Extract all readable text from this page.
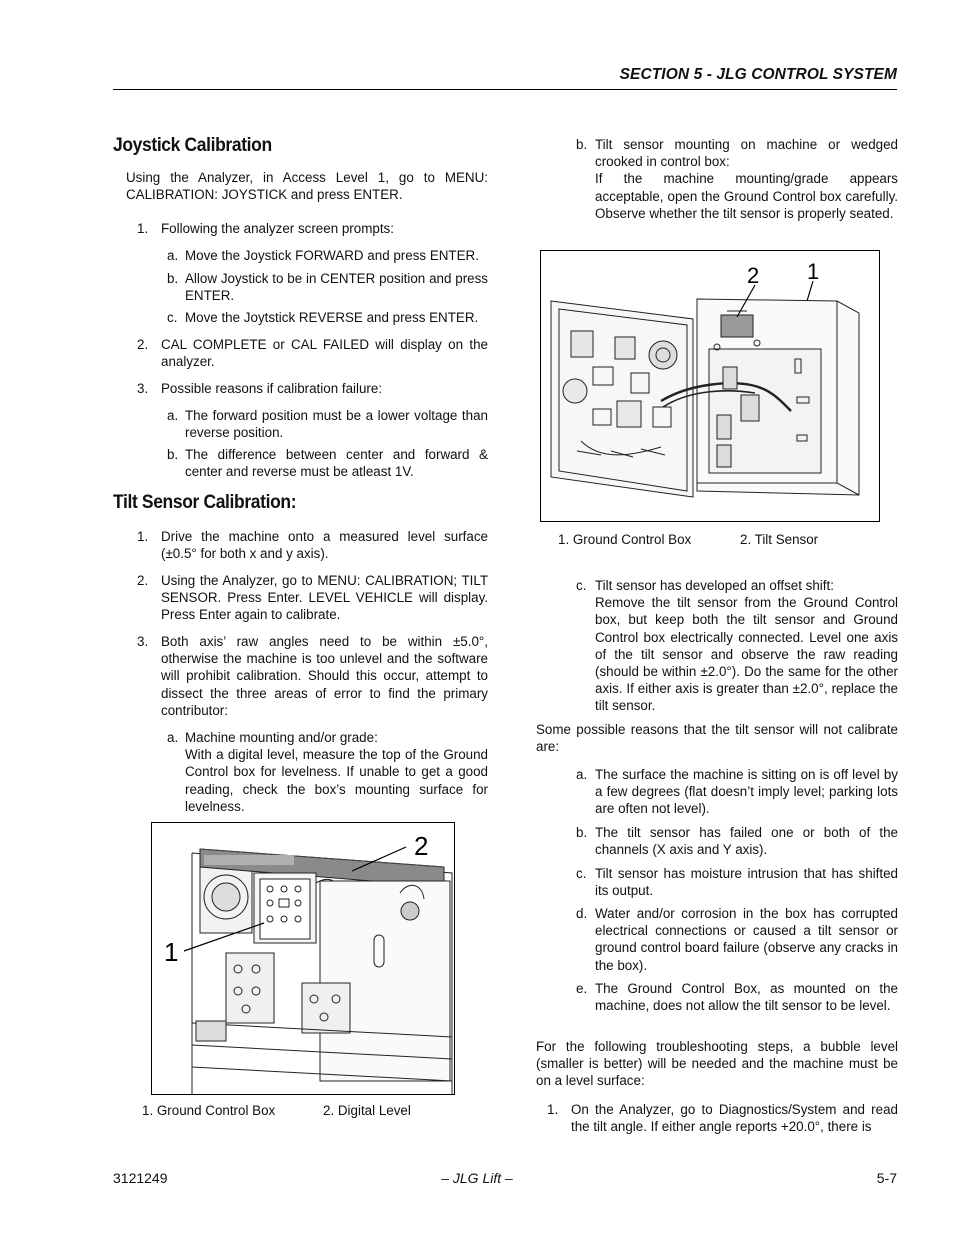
SECTION 5 - JLG CONTROL SYSTEM
Joystick Calibration
Using the Analyzer, in Access Level 1, go to MENU: CALIBRATION: JOYSTICK and press ENTER.
1. Following the analyzer screen prompts:
a. Move the Joystick FORWARD and press ENTER.
b. Allow Joystick to be in CENTER position and press ENTER.
c. Move the Joytstick REVERSE and press ENTER.
2. CAL COMPLETE or CAL FAILED will display on the analyzer.
3. Possible reasons if calibration failure:
a. The forward position must be a lower voltage than reverse position.
b. The difference between center and forward & center and reverse must be atleast 1V.
Tilt Sensor Calibration:
1. Drive the machine onto a measured level surface (±0.5° for both x and y axis).
2. Using the Analyzer, go to MENU: CALIBRATION; TILT SENSOR. Press Enter. LEVEL VEHICLE will display. Press Enter again to calibrate.
3. Both axis’ raw angles need to be within ±5.0°, otherwise the machine is too unlevel and the software will prohibit calibration. Should this occur, attempt to dissect the three areas of error to find the primary contributor:
a. Machine mounting and/or grade:
With a digital level, measure the top of the Ground Control box for levelness. If unable to get a good reading, check the box’s mounting surface for levelness.
2
1
1. Ground Control Box	2. Digital Level
b. Tilt sensor mounting on machine or wedged crooked in control box:
If the machine mounting/grade appears acceptable, open the Ground Control box carefully. Observe whether the tilt sensor is properly seated.
2 1
1. Ground Control Box	2. Tilt Sensor
c. Tilt sensor has developed an offset shift:
Remove the tilt sensor from the Ground Control box, but keep both the tilt sensor and Ground Control box electrically connected. Level one axis of the tilt sensor and observe the raw reading (should be within ±2.0°). Do the same for the other axis. If either axis is greater than ±2.0°, replace the tilt sensor.
Some possible reasons that the tilt sensor will not calibrate are:
a. The surface the machine is sitting on is off level by a few degrees (flat doesn’t imply level; parking lots are often not level).
b. The tilt sensor has failed one or both of the channels (X axis and Y axis).
c. Tilt sensor has moisture intrusion that has shifted its output.
d. Water and/or corrosion in the box has corrupted electrical connections or caused a tilt sensor or ground control board failure (observe any cracks in the box).
e. The Ground Control Box, as mounted on the machine, does not allow the tilt sensor to be level.
For the following troubleshooting steps, a bubble level (smaller is better) will be needed and the machine must be on a level surface:
1. On the Analyzer, go to Diagnostics/System and read the tilt angle. If either angle reports +20.0°, there is
3121249	– JLG Lift –	5-7
